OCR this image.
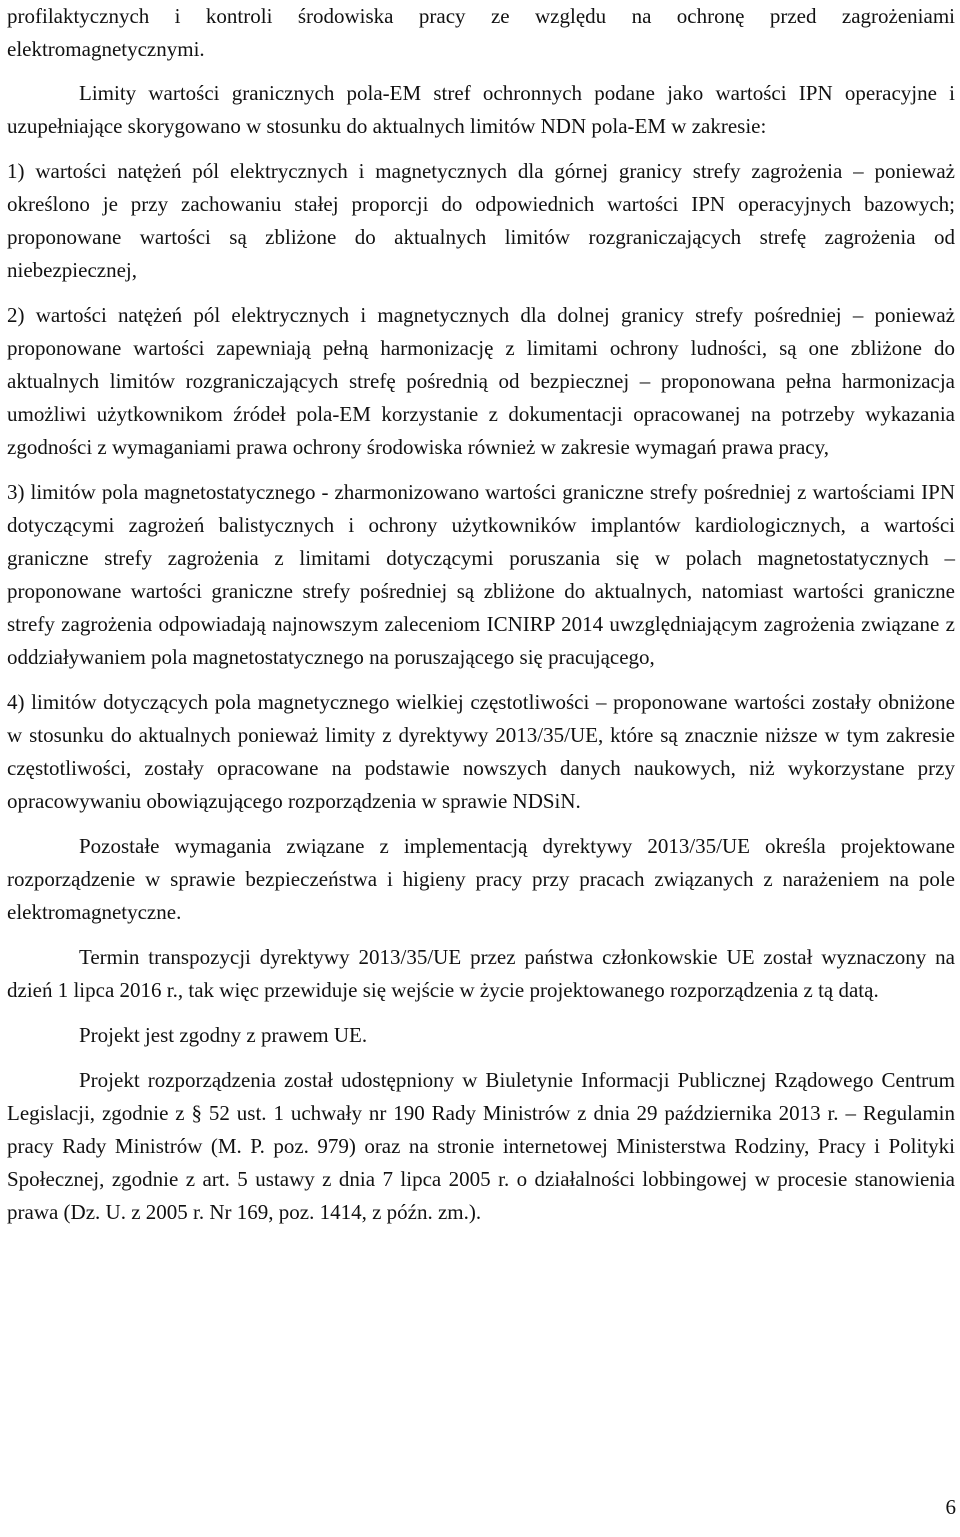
profilaktycznych i kontroli środowiska pracy ze względu na ochronę przed zagrożeniami elektromagnetycznymi.

Limity wartości granicznych pola-EM stref ochronnych podane jako wartości IPN operacyjne i uzupełniające skorygowano w stosunku do aktualnych limitów NDN pola-EM w zakresie:

1) wartości natężeń pól elektrycznych i magnetycznych dla górnej granicy strefy zagrożenia – ponieważ określono je przy zachowaniu stałej proporcji do odpowiednich wartości IPN operacyjnych bazowych; proponowane wartości są zbliżone do aktualnych limitów rozgraniczających strefę zagrożenia od niebezpiecznej,

2) wartości natężeń pól elektrycznych i magnetycznych dla dolnej granicy strefy pośredniej – ponieważ proponowane wartości zapewniają pełną harmonizację z limitami ochrony ludności, są one zbliżone do aktualnych limitów rozgraniczających strefę pośrednią od bezpiecznej – proponowana pełna harmonizacja umożliwi użytkownikom źródeł pola-EM korzystanie z dokumentacji opracowanej na potrzeby wykazania zgodności z wymaganiami prawa ochrony środowiska również w zakresie wymagań prawa pracy,

3) limitów pola magnetostatycznego - zharmonizowano wartości graniczne strefy pośredniej z wartościami IPN dotyczącymi zagrożeń balistycznych i ochrony użytkowników implantów kardiologicznych, a wartości graniczne strefy zagrożenia z limitami dotyczącymi poruszania się w polach magnetostatycznych – proponowane wartości graniczne strefy pośredniej są zbliżone do aktualnych, natomiast wartości graniczne strefy zagrożenia odpowiadają najnowszym zaleceniom ICNIRP 2014 uwzględniającym zagrożenia związane z oddziaływaniem pola magnetostatycznego na poruszającego się pracującego,

4) limitów dotyczących pola magnetycznego wielkiej częstotliwości – proponowane wartości zostały obniżone w stosunku do aktualnych ponieważ limity z dyrektywy 2013/35/UE, które są znacznie niższe w tym zakresie częstotliwości, zostały opracowane na podstawie nowszych danych naukowych, niż wykorzystane przy opracowywaniu obowiązującego rozporządzenia w sprawie NDSiN.

Pozostałe wymagania związane z implementacją dyrektywy 2013/35/UE określa projektowane rozporządzenie w sprawie bezpieczeństwa i higieny pracy przy pracach związanych z narażeniem na pole elektromagnetyczne.

Termin transpozycji dyrektywy 2013/35/UE przez państwa członkowskie UE został wyznaczony na dzień 1 lipca 2016 r., tak więc przewiduje się wejście w życie projektowanego rozporządzenia z tą datą.

Projekt jest zgodny z prawem UE.

Projekt rozporządzenia został udostępniony w Biuletynie Informacji Publicznej Rządowego Centrum Legislacji, zgodnie z § 52 ust. 1 uchwały nr 190 Rady Ministrów z dnia 29 października 2013 r. – Regulamin pracy Rady Ministrów (M. P. poz. 979) oraz na stronie internetowej Ministerstwa Rodziny, Pracy i Polityki Społecznej, zgodnie z art. 5 ustawy z dnia 7 lipca 2005 r. o działalności lobbingowej w procesie stanowienia prawa (Dz. U. z 2005 r. Nr 169, poz. 1414, z późn. zm.).

6
